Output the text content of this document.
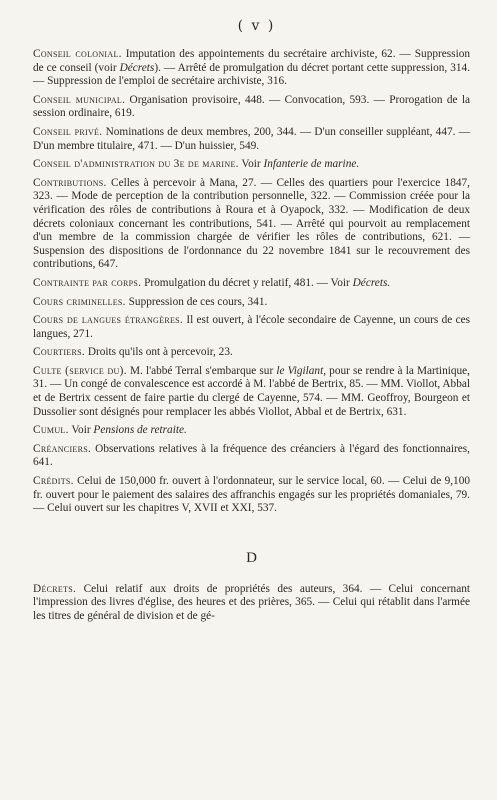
( v )
Conseil colonial. Imputation des appointements du secrétaire archiviste, 62. — Suppression de ce conseil (voir Décrets). — Arrêté de promulgation du décret portant cette suppression, 314. — Suppression de l'emploi de secrétaire archiviste, 316.
Conseil municipal. Organisation provisoire, 448. — Convocation, 593. — Prorogation de la session ordinaire, 619.
Conseil privé. Nominations de deux membres, 200, 344. — D'un conseiller suppléant, 447. — D'un membre titulaire, 471. — D'un huissier, 549.
Conseil d'administration du 3e de marine. Voir Infanterie de marine.
Contributions. Celles à percevoir à Mana, 27. — Celles des quartiers pour l'exercice 1847, 323. — Mode de perception de la contribution personnelle, 322. — Commission créée pour la vérification des rôles de contributions à Roura et à Oyapock, 332. — Modification de deux décrets coloniaux concernant les contributions, 541. — Arrêté qui pourvoit au remplacement d'un membre de la commission chargée de vérifier les rôles de contributions, 621. — Suspension des dispositions de l'ordonnance du 22 novembre 1841 sur le recouvrement des contributions, 647.
Contrainte par corps. Promulgation du décret y relatif, 481. — Voir Décrets.
Cours criminelles. Suppression de ces cours, 341.
Cours de langues étrangères. Il est ouvert, à l'école secondaire de Cayenne, un cours de ces langues, 271.
Courtiers. Droits qu'ils ont à percevoir, 23.
Culte (service du). M. l'abbé Terral s'embarque sur le Vigilant, pour se rendre à la Martinique, 31. — Un congé de convalescence est accordé à M. l'abbé de Bertrix, 85. — MM. Viollot, Abbal et de Bertrix cessent de faire partie du clergé de Cayenne, 574. — MM. Geoffroy, Bourgeon et Dussolier sont désignés pour remplacer les abbés Viollot, Abbal et de Bertrix, 631.
Cumul. Voir Pensions de retraite.
Créanciers. Observations relatives à la fréquence des créanciers à l'égard des fonctionnaires, 641.
Crédits. Celui de 150,000 fr. ouvert à l'ordonnateur, sur le service local, 60. — Celui de 9,100 fr. ouvert pour le paiement des salaires des affranchis engagés sur les propriétés domaniales, 79. — Celui ouvert sur les chapitres V, XVII et XXI, 537.
D
Décrets. Celui relatif aux droits de propriétés des auteurs, 364. — Celui concernant l'impression des livres d'église, des heures et des prières, 365. — Celui qui rétablit dans l'armée les titres de général de division et de gé-
